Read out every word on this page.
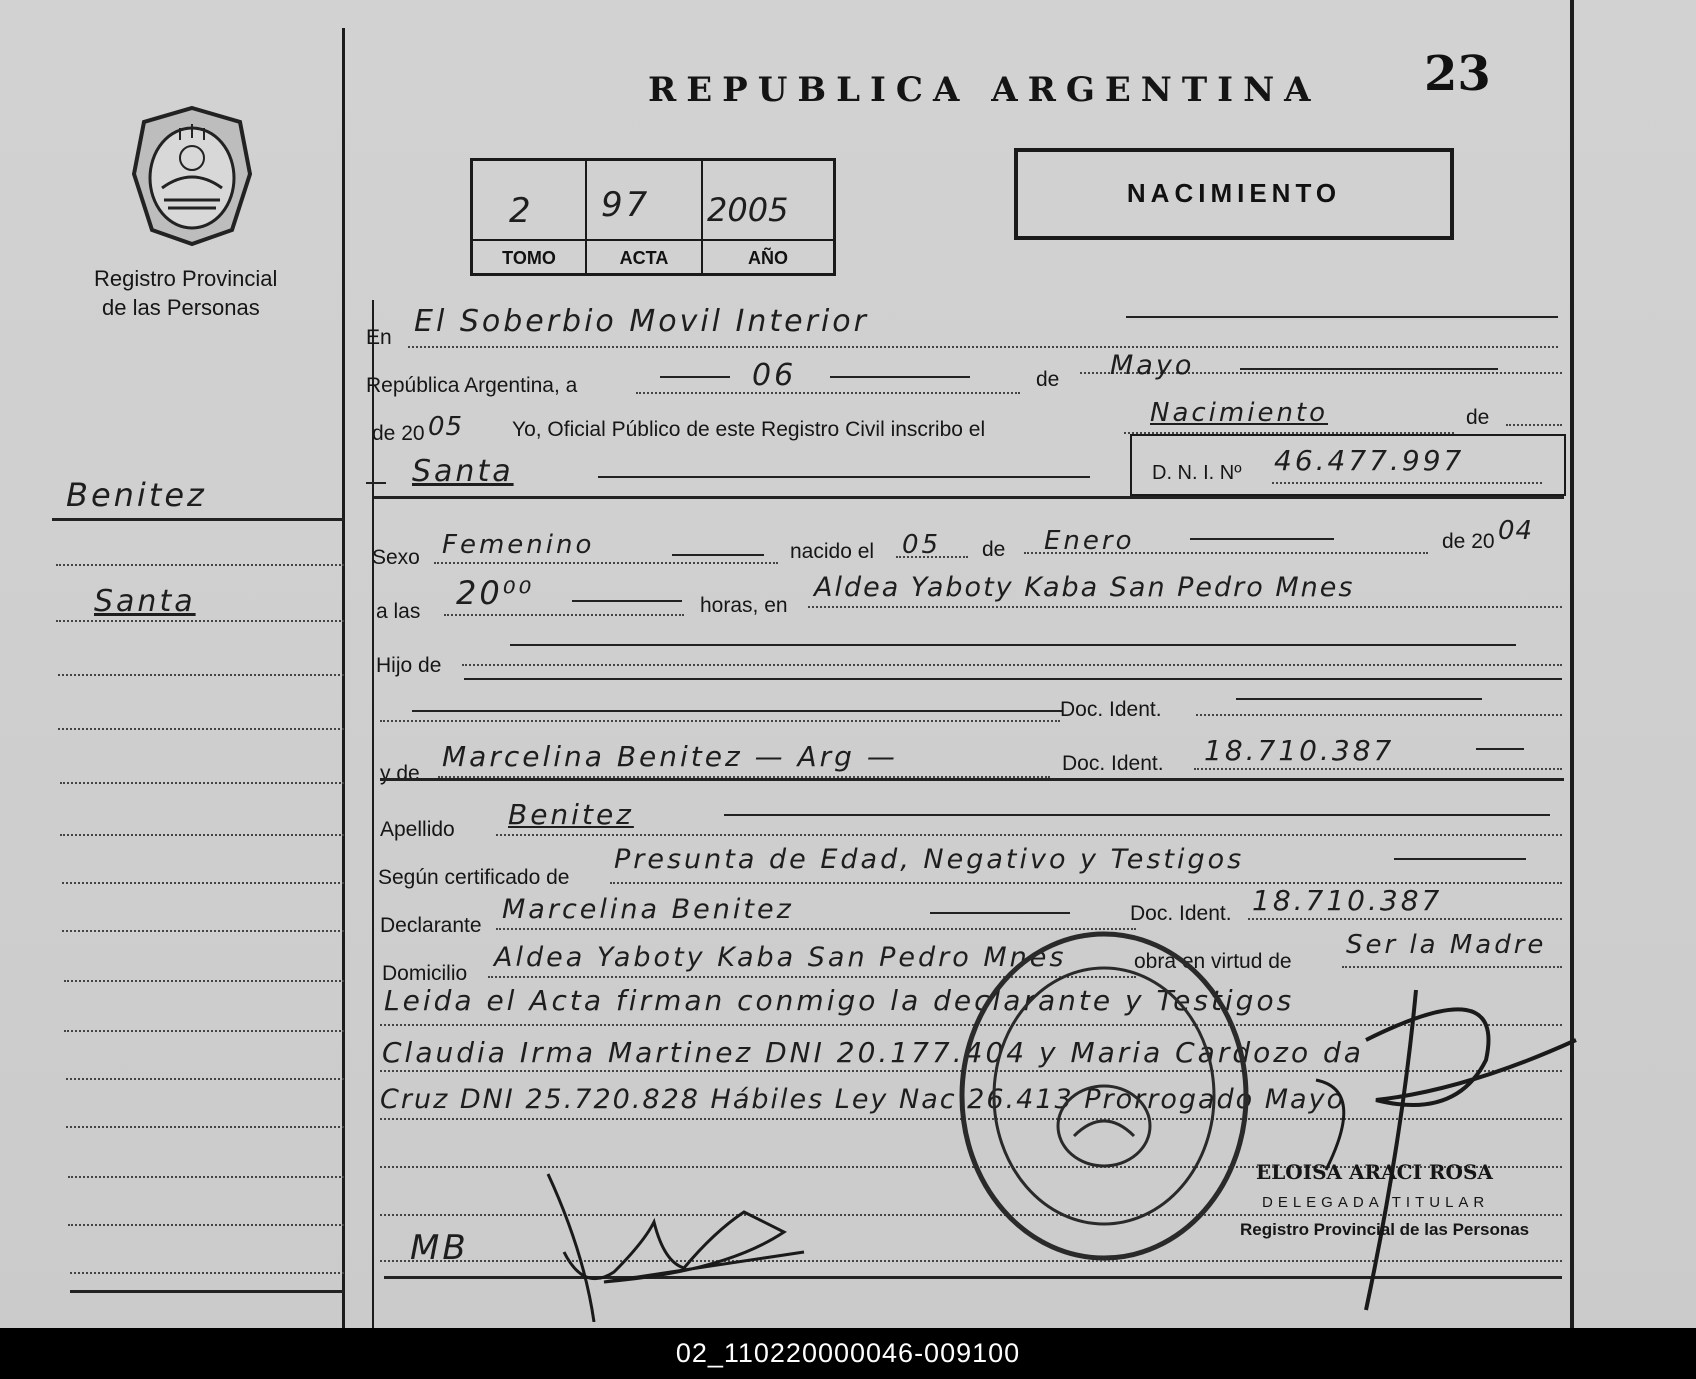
REPUBLICA ARGENTINA 23
Registro Provincial
de las Personas
2 97 2005
TOMO	ACTA	AÑO
NACIMIENTO
Benitez
Santa
En El Soberbio Movil Interior
República Argentina, a	06	de Mayo
de 20 05 Yo, Oficial Público de este Registro Civil inscribo el
Nacimiento	de
Santa	D. N. I. Nº 46.477.997
Sexo Femenino	nacido el 05 de Enero	de 20 04
a las 20⁰⁰	horas, en
Aldea Yaboty Kaba San Pedro Mnes
Hijo de
Doc. Ident.
y de
Marcelina Benitez — Arg —	Doc. Ident. 18.710.387
Apellido Benitez
Según certificado de
Presunta de Edad, Negativo y Testigos
Declarante
Marcelina Benitez	Doc. Ident. 18.710.387
Domicilio
Aldea Yaboty Kaba San Pedro Mnes	obra en virtud de
Ser la Madre
Leida el Acta firman conmigo la declarante y Testigos
Claudia Irma Martinez DNI 20.177.404 y Maria Cardozo da
Cruz DNI 25.720.828 Hábiles Ley Nac 26.413 Prorrogado Mayo
MB
ELOISA ARACI ROSA
DELEGADA TITULAR
Registro Provincial de las Personas
02_110220000046-009100
